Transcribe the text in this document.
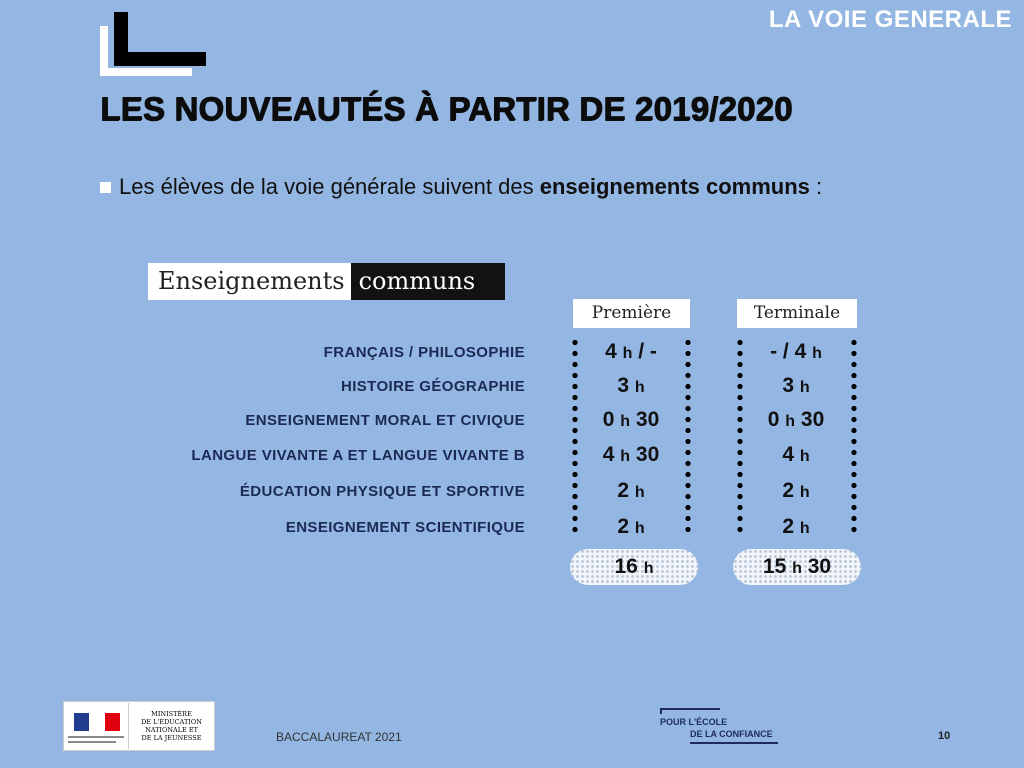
LA VOIE GENERALE
LES NOUVEAUTÉS À PARTIR DE 2019/2020
Les élèves de la voie générale suivent des enseignements communs :
Enseignements communs
Première	Terminale
FRANÇAIS / PHILOSOPHIE	4 h / -	- / 4 h
HISTOIRE GÉOGRAPHIE	3 h	3 h
ENSEIGNEMENT MORAL ET CIVIQUE	0 h 30	0 h 30
LANGUE VIVANTE A ET LANGUE VIVANTE B	4 h 30	4 h
ÉDUCATION PHYSIQUE ET SPORTIVE	2 h	2 h
ENSEIGNEMENT SCIENTIFIQUE	2 h	2 h
16 h	15 h 30
MINISTÈRE
DE L'ÉDUCATION
NATIONALE ET
DE LA JEUNESSE	BACCALAUREAT 2021
POUR L'ÉCOLE
DE LA CONFIANCE	10
